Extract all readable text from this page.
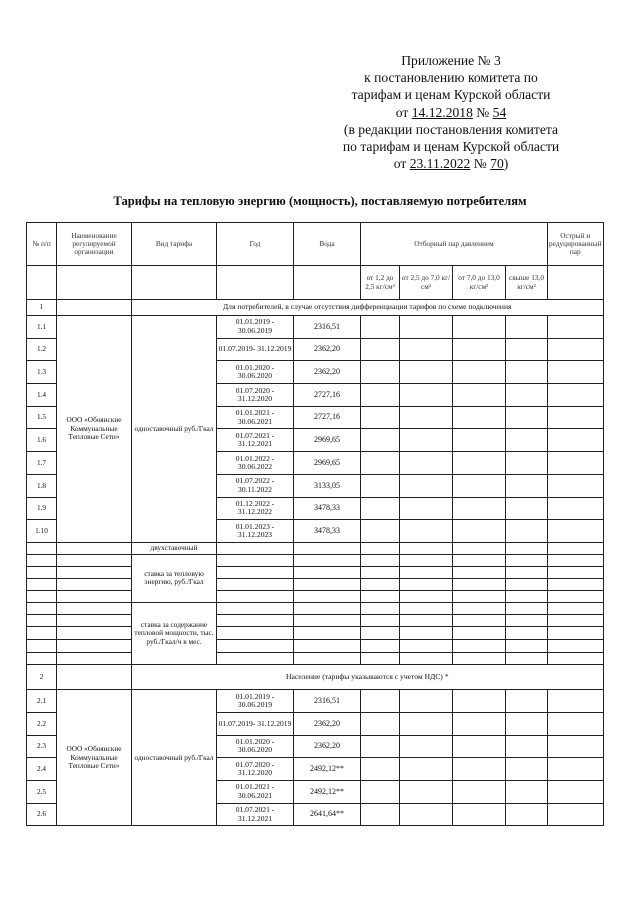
Приложение № 3
к постановлению комитета по
тарифам и ценам Курской области
от 14.12.2018 № 54
(в редакции постановления комитета
по тарифам и ценам Курской области
от 23.11.2022 № 70)
Тарифы на тепловую энергию (мощность), поставляемую потребителям
№ п/п	Наименование регулируемой организации	Вид тарифа	Год	Вода	Отборный пар давлением				Острый и редуцированный пар
					от 1,2 до 2,5 кг/см²	от 2,5 до 7,0 кг/см²	от 7,0 до 13,0 кг/см²	свыше 13,0 кг/см²	
1		Для потребителей, в случае отсутствия дифференциации тарифов по схеме подключения							
1.1	ООО «Обоянские Коммунальные Тепловые Сети»	одноставочный руб./Гкал	01.01.2019 - 30.06.2019	2316,51					
1.2			01.07.2019- 31.12.2019	2362,20					
1.3			01.01.2020 - 30.06.2020	2362,20					
1.4			01.07.2020 - 31.12.2020	2727,16					
1.5			01.01.2021 - 30.06.2021	2727,16					
1.6			01.07.2021 - 31.12.2021	2969,65					
1.7			01.01.2022 - 30.06.2022	2969,65					
1.8			01.07.2022 - 30.11.2022	3133,05					
1.9			01.12.2022 - 31.12.2022	3478,33					
1.10			01.01.2023 - 31.12.2023	3478,33					
		двухставочный							
		ставка за тепловую энергию, руб./Гкал							

		ставка за содержание тепловой мощности, тыс. руб./Гкал/ч в мес.							

2		Население (тарифы указываются с учетом НДС) *							
2.1	ООО «Обоянские Коммунальные Тепловые Сети»	одноставочный руб./Гкал	01.01.2019 - 30.06.2019	2316,51					
2.2			01.07.2019- 31.12.2019	2362,20					
2.3			01.01.2020 - 30.06.2020	2362,20					
2.4			01.07.2020 - 31.12.2020	2492,12**					
2.5			01.01.2021 - 30.06.2021	2492,12**					
2.6			01.07.2021 - 31.12.2021	2641,64**					
